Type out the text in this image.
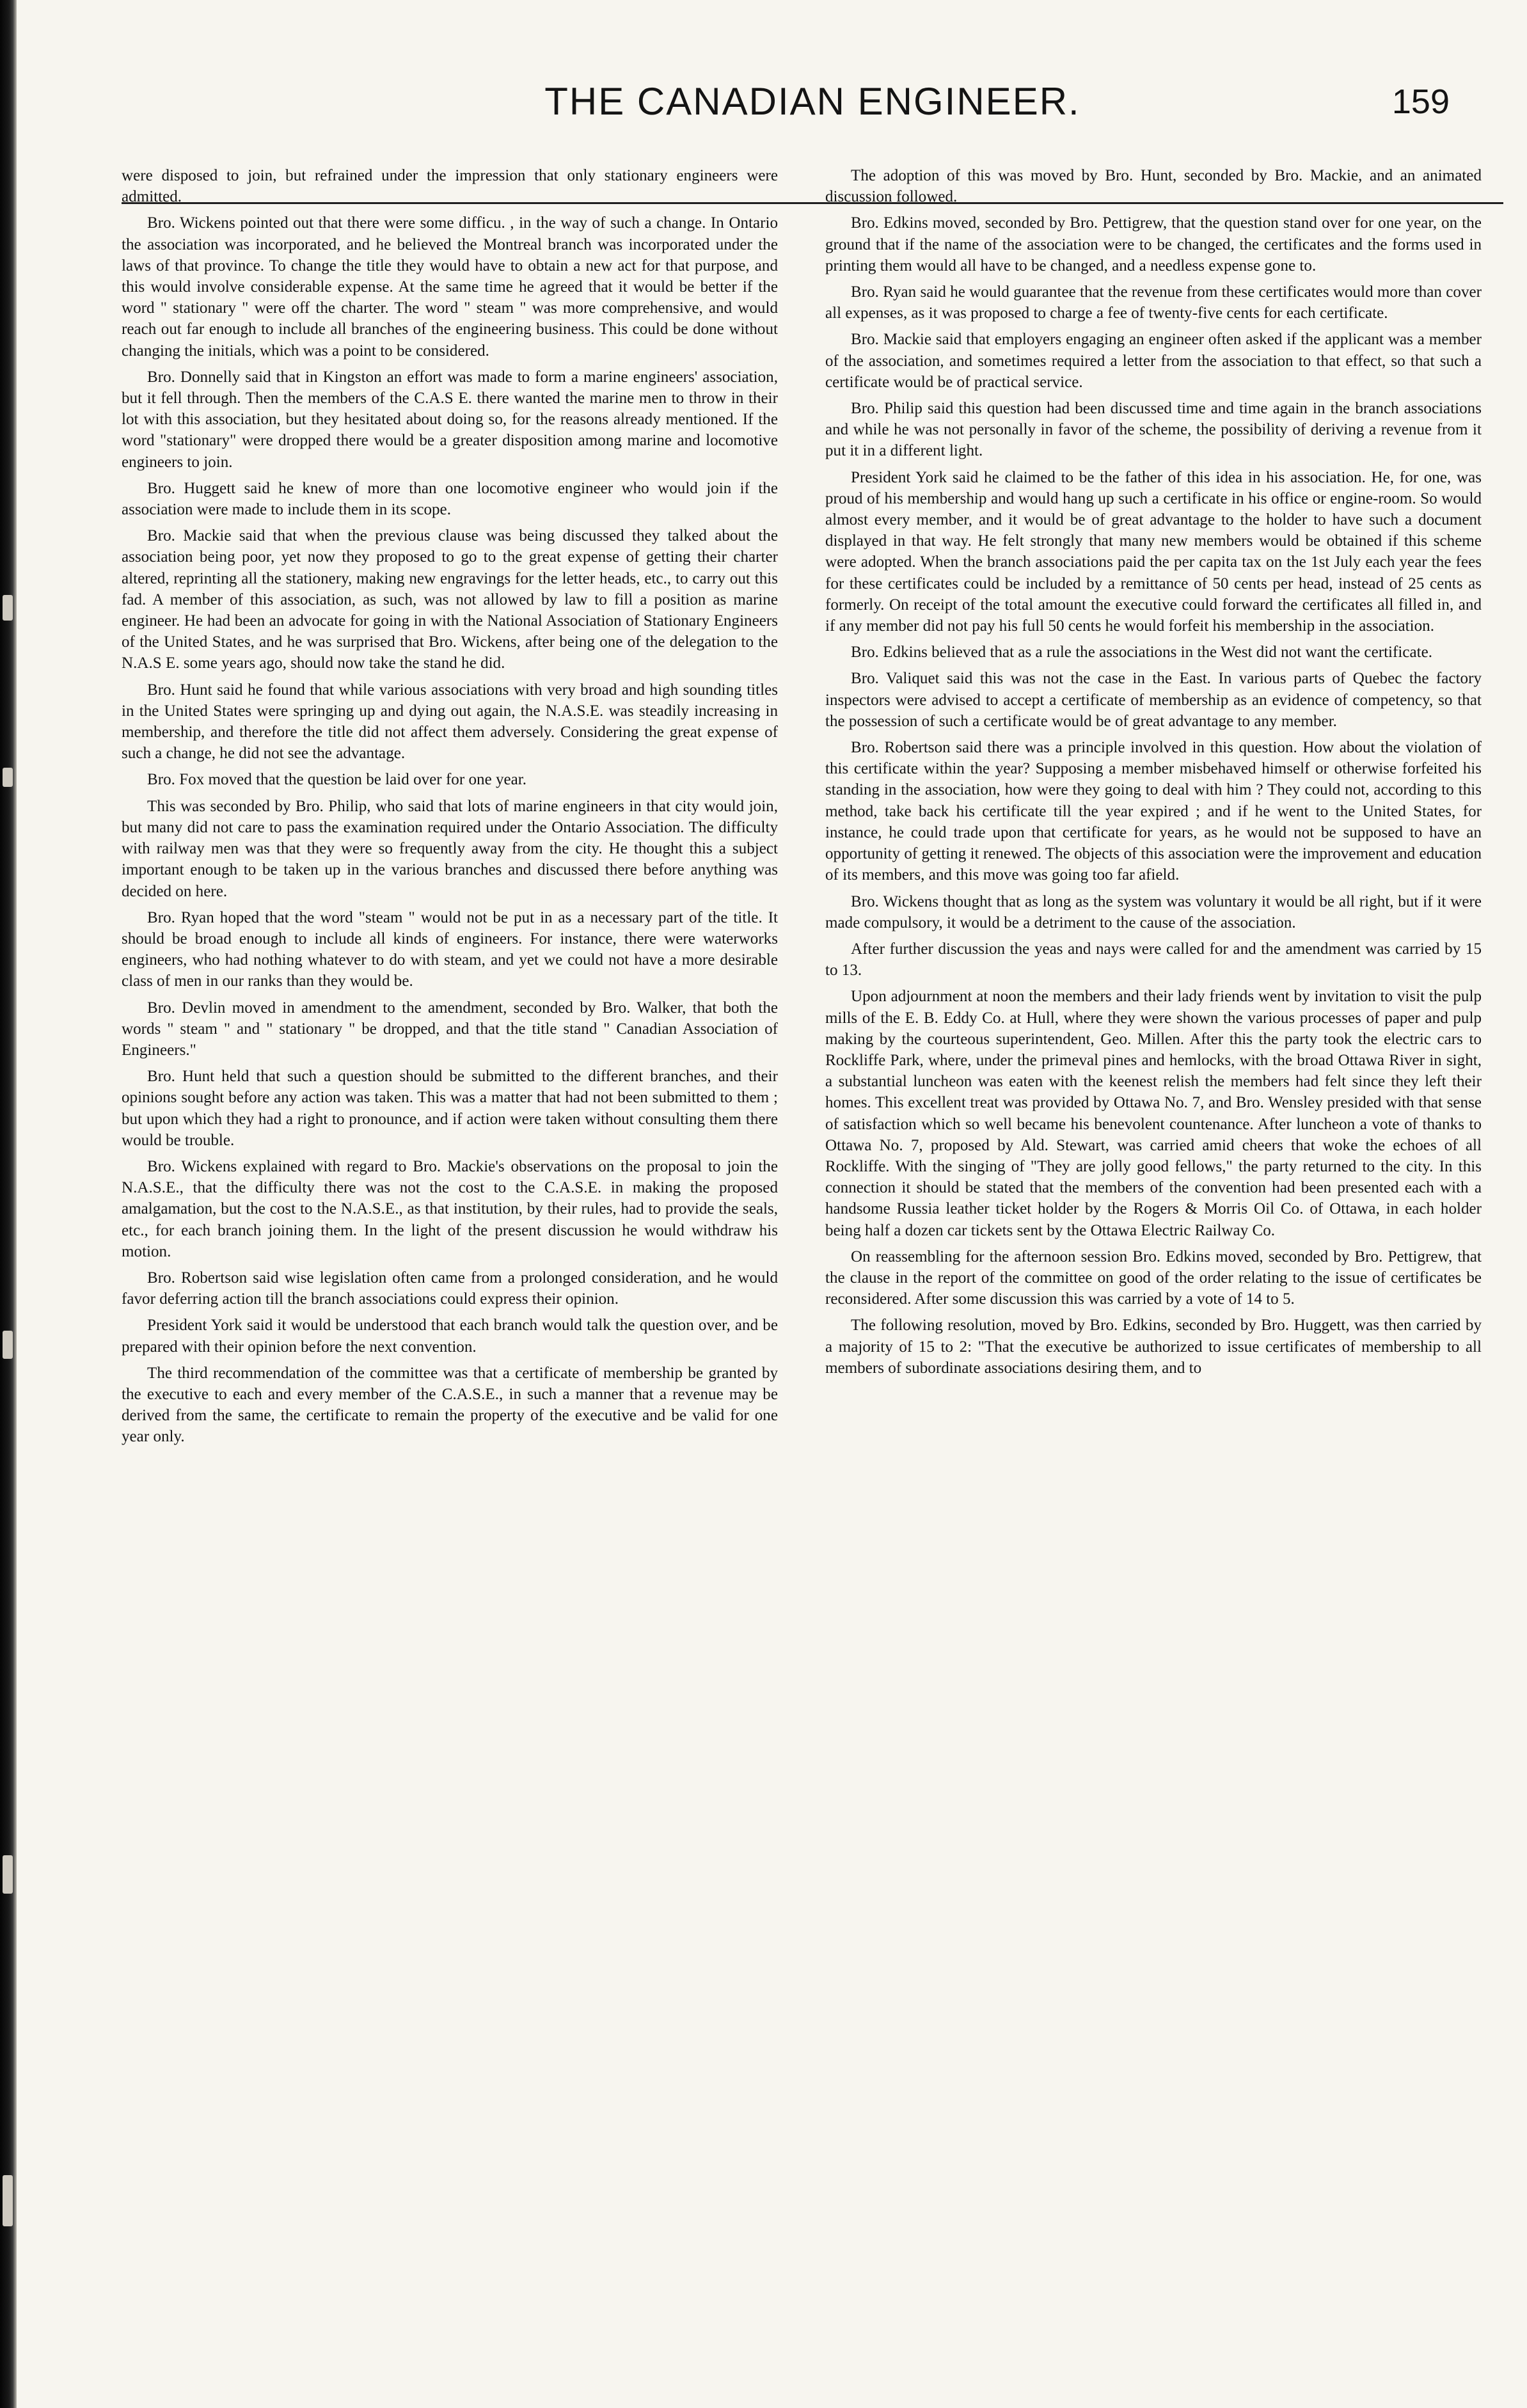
THE CANADIAN ENGINEER.	159

were disposed to join, but refrained under the impression that only stationary engineers were admitted.

Bro. Wickens pointed out that there were some difficu. , in the way of such a change. In Ontario the association was incorporated, and he believed the Montreal branch was incorporated under the laws of that province. To change the title they would have to obtain a new act for that purpose, and this would involve considerable expense. At the same time he agreed that it would be better if the word " stationary " were off the charter. The word " steam " was more comprehensive, and would reach out far enough to include all branches of the engineering business. This could be done without changing the initials, which was a point to be considered.

Bro. Donnelly said that in Kingston an effort was made to form a marine engineers' association, but it fell through. Then the members of the C.A.S E. there wanted the marine men to throw in their lot with this association, but they hesitated about doing so, for the reasons already mentioned. If the word "stationary" were dropped there would be a greater disposition among marine and locomotive engineers to join.

Bro. Huggett said he knew of more than one locomotive engineer who would join if the association were made to include them in its scope.

Bro. Mackie said that when the previous clause was being discussed they talked about the association being poor, yet now they proposed to go to the great expense of getting their charter altered, reprinting all the stationery, making new engravings for the letter heads, etc., to carry out this fad. A member of this association, as such, was not allowed by law to fill a position as marine engineer. He had been an advocate for going in with the National Association of Stationary Engineers of the United States, and he was surprised that Bro. Wickens, after being one of the delegation to the N.A.S E. some years ago, should now take the stand he did.

Bro. Hunt said he found that while various associations with very broad and high sounding titles in the United States were springing up and dying out again, the N.A.S.E. was steadily increasing in membership, and therefore the title did not affect them adversely. Considering the great expense of such a change, he did not see the advantage.

Bro. Fox moved that the question be laid over for one year.

This was seconded by Bro. Philip, who said that lots of marine engineers in that city would join, but many did not care to pass the examination required under the Ontario Association. The difficulty with railway men was that they were so frequently away from the city. He thought this a subject important enough to be taken up in the various branches and discussed there before anything was decided on here.

Bro. Ryan hoped that the word "steam " would not be put in as a necessary part of the title. It should be broad enough to include all kinds of engineers. For instance, there were waterworks engineers, who had nothing whatever to do with steam, and yet we could not have a more desirable class of men in our ranks than they would be.

Bro. Devlin moved in amendment to the amendment, seconded by Bro. Walker, that both the words " steam " and " stationary " be dropped, and that the title stand " Canadian Association of Engineers."

Bro. Hunt held that such a question should be submitted to the different branches, and their opinions sought before any action was taken. This was a matter that had not been submitted to them ; but upon which they had a right to pronounce, and if action were taken without consulting them there would be trouble.

Bro. Wickens explained with regard to Bro. Mackie's observations on the proposal to join the N.A.S.E., that the difficulty there was not the cost to the C.A.S.E. in making the proposed amalgamation, but the cost to the N.A.S.E., as that institution, by their rules, had to provide the seals, etc., for each branch joining them. In the light of the present discussion he would withdraw his motion.

Bro. Robertson said wise legislation often came from a prolonged consideration, and he would favor deferring action till the branch associations could express their opinion.

President York said it would be understood that each branch would talk the question over, and be prepared with their opinion before the next convention.

The third recommendation of the committee was that a certificate of membership be granted by the executive to each and every member of the C.A.S.E., in such a manner that a revenue may be derived from the same, the certificate to remain the property of the executive and be valid for one year only.

The adoption of this was moved by Bro. Hunt, seconded by Bro. Mackie, and an animated discussion followed.

Bro. Edkins moved, seconded by Bro. Pettigrew, that the question stand over for one year, on the ground that if the name of the association were to be changed, the certificates and the forms used in printing them would all have to be changed, and a needless expense gone to.

Bro. Ryan said he would guarantee that the revenue from these certificates would more than cover all expenses, as it was proposed to charge a fee of twenty-five cents for each certificate.

Bro. Mackie said that employers engaging an engineer often asked if the applicant was a member of the association, and sometimes required a letter from the association to that effect, so that such a certificate would be of practical service.

Bro. Philip said this question had been discussed time and time again in the branch associations and while he was not personally in favor of the scheme, the possibility of deriving a revenue from it put it in a different light.

President York said he claimed to be the father of this idea in his association. He, for one, was proud of his membership and would hang up such a certificate in his office or engine-room. So would almost every member, and it would be of great advantage to the holder to have such a document displayed in that way. He felt strongly that many new members would be obtained if this scheme were adopted. When the branch associations paid the per capita tax on the 1st July each year the fees for these certificates could be included by a remittance of 50 cents per head, instead of 25 cents as formerly. On receipt of the total amount the executive could forward the certificates all filled in, and if any member did not pay his full 50 cents he would forfeit his membership in the association.

Bro. Edkins believed that as a rule the associations in the West did not want the certificate.

Bro. Valiquet said this was not the case in the East. In various parts of Quebec the factory inspectors were advised to accept a certificate of membership as an evidence of competency, so that the possession of such a certificate would be of great advantage to any member.

Bro. Robertson said there was a principle involved in this question. How about the violation of this certificate within the year? Supposing a member misbehaved himself or otherwise forfeited his standing in the association, how were they going to deal with him ? They could not, according to this method, take back his certificate till the year expired ; and if he went to the United States, for instance, he could trade upon that certificate for years, as he would not be supposed to have an opportunity of getting it renewed. The objects of this association were the improvement and education of its members, and this move was going too far afield.

Bro. Wickens thought that as long as the system was voluntary it would be all right, but if it were made compulsory, it would be a detriment to the cause of the association.

After further discussion the yeas and nays were called for and the amendment was carried by 15 to 13.

Upon adjournment at noon the members and their lady friends went by invitation to visit the pulp mills of the E. B. Eddy Co. at Hull, where they were shown the various processes of paper and pulp making by the courteous superintendent, Geo. Millen. After this the party took the electric cars to Rockliffe Park, where, under the primeval pines and hemlocks, with the broad Ottawa River in sight, a substantial luncheon was eaten with the keenest relish the members had felt since they left their homes. This excellent treat was provided by Ottawa No. 7, and Bro. Wensley presided with that sense of satisfaction which so well became his benevolent countenance. After luncheon a vote of thanks to Ottawa No. 7, proposed by Ald. Stewart, was carried amid cheers that woke the echoes of all Rockliffe. With the singing of "They are jolly good fellows," the party returned to the city. In this connection it should be stated that the members of the convention had been presented each with a handsome Russia leather ticket holder by the Rogers & Morris Oil Co. of Ottawa, in each holder being half a dozen car tickets sent by the Ottawa Electric Railway Co.

On reassembling for the afternoon session Bro. Edkins moved, seconded by Bro. Pettigrew, that the clause in the report of the committee on good of the order relating to the issue of certificates be reconsidered. After some discussion this was carried by a vote of 14 to 5.

The following resolution, moved by Bro. Edkins, seconded by Bro. Huggett, was then carried by a majority of 15 to 2: "That the executive be authorized to issue certificates of membership to all members of subordinate associations desiring them, and to
